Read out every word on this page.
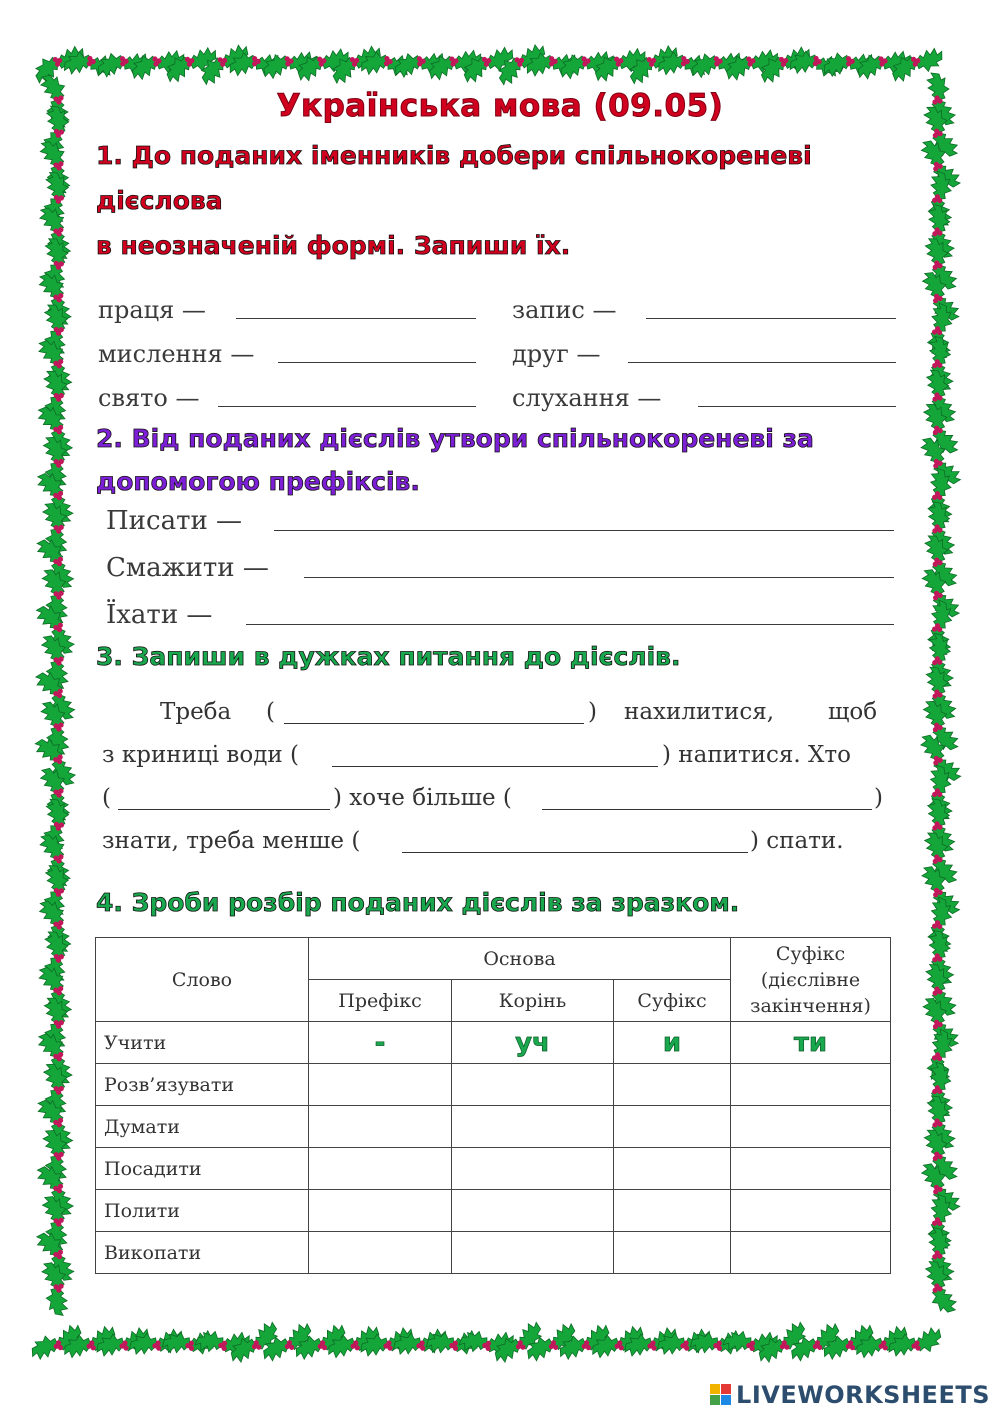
Українська мова (09.05)
1. До поданих іменників добери спільнокореневі
дієслова
в неозначеній формі. Запиши їх.
праця —
мислення —
свято —
запис —
друг —
слухання —
2. Від поданих дієслів утвори спільнокореневі за
допомогою префіксів.
Писати —
Смажити —
Їхати —
3. Запиши в дужках питання до дієслів.
Треба (	) нахилитися, щоб
з криниці води (	) напитися. Хто
(	) хоче більше (	)
знати, треба менше (	) спати.
4. Зроби розбір поданих дієслів за зразком.
Слово	Основа			Суфікс (дієслівне закінчення)
	Префікс	Корінь	Суфікс	
Учити	-	уч	и	ти
Розв’язувати				
Думати				
Посадити				
Полити				
Викопати				
LIVEWORKSHEETS
